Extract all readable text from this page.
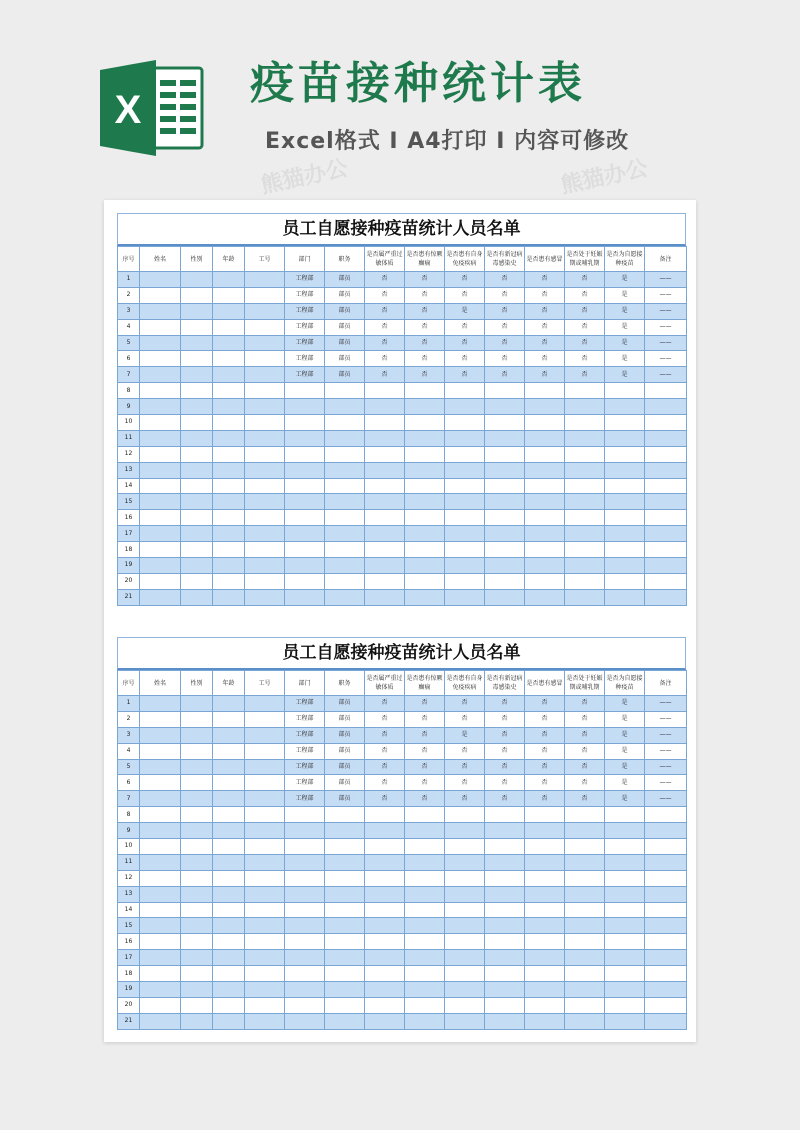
X
疫苗接种统计表
Excel格式 I A4打印 I 内容可修改
员工自愿接种疫苗统计人员名单
序号	姓名	性别	年龄	工号	部门	职务	是否属严重过敏体质	是否患有惊厥癫痫	是否患有自身免疫疾病	是否有新冠病毒感染史	是否患有感冒	是否处于妊娠期或哺乳期	是否为自愿接种疫苗	备注
1					工程部	部员	否	否	否	否	否	否	是	——
2					工程部	部员	否	否	否	否	否	否	是	——
3					工程部	部员	否	否	是	否	否	否	是	——
4					工程部	部员	否	否	否	否	否	否	是	——
5					工程部	部员	否	否	否	否	否	否	是	——
6					工程部	部员	否	否	否	否	否	否	是	——
7					工程部	部员	否	否	否	否	否	否	是	——
8														
9														
10														
11														
12														
13														
14														
15														
16														
17														
18														
19														
20														
21														
员工自愿接种疫苗统计人员名单
序号	姓名	性别	年龄	工号	部门	职务	是否属严重过敏体质	是否患有惊厥癫痫	是否患有自身免疫疾病	是否有新冠病毒感染史	是否患有感冒	是否处于妊娠期或哺乳期	是否为自愿接种疫苗	备注
1					工程部	部员	否	否	否	否	否	否	是	——
2					工程部	部员	否	否	否	否	否	否	是	——
3					工程部	部员	否	否	是	否	否	否	是	——
4					工程部	部员	否	否	否	否	否	否	是	——
5					工程部	部员	否	否	否	否	否	否	是	——
6					工程部	部员	否	否	否	否	否	否	是	——
7					工程部	部员	否	否	否	否	否	否	是	——
8														
9														
10														
11														
12														
13														
14														
15														
16														
17														
18														
19														
20														
21														
熊猫办公	熊猫办公
